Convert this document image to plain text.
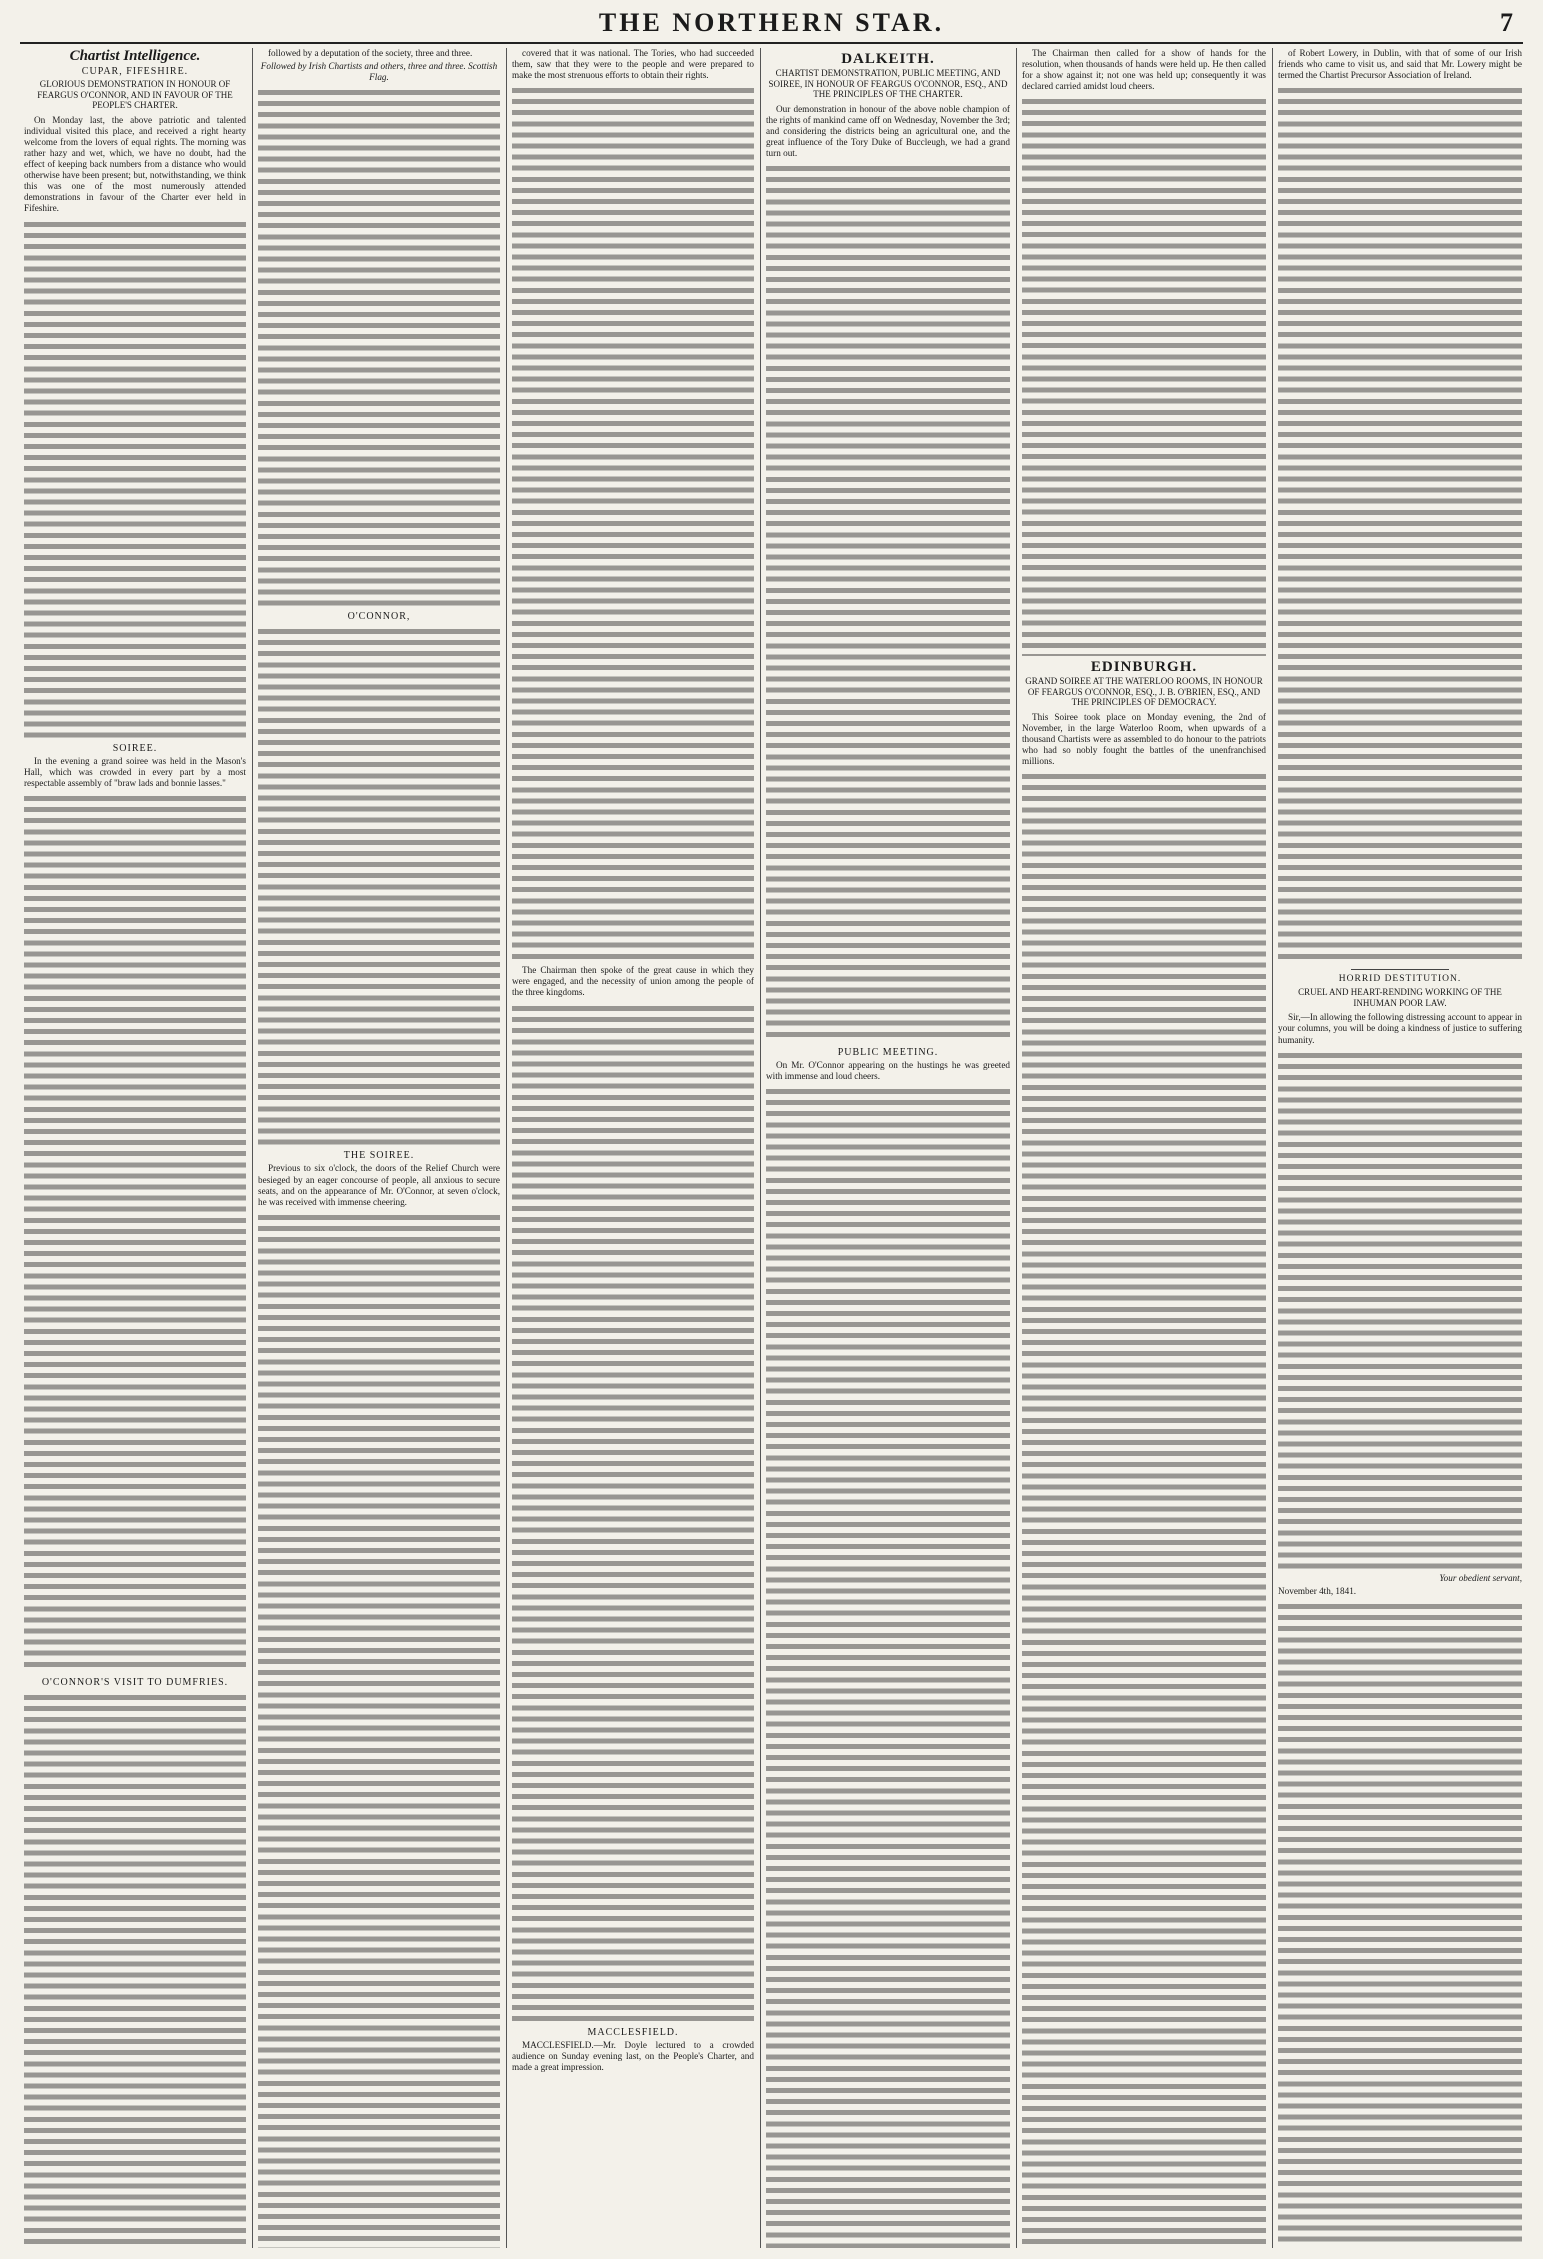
THE NORTHERN STAR.	7
Chartist Intelligence.
CUPAR, FIFESHIRE.
GLORIOUS DEMONSTRATION IN HONOUR OF FEARGUS O'CONNOR, AND IN FAVOUR OF THE PEOPLE'S CHARTER.

On Monday last, the above patriotic and talented individual visited this place, and received a right hearty welcome from the lovers of equal rights. The morning was rather hazy and wet, which, we have no doubt, had the effect of keeping back numbers from a distance who would otherwise have been present; but, notwithstanding, we think this was one of the most numerously attended demonstrations in favour of the Charter ever held in Fifeshire.

SOIREE.

In the evening a grand soiree was held in the Mason's Hall, which was crowded in every part by a most respectable assembly of "braw lads and bonnie lasses."

O'CONNOR'S VISIT TO DUMFRIES.

followed by a deputation of the society, three and three.

Followed by Irish Chartists and others, three and three. Scottish Flag.

O'CONNOR,
THE SOIREE.

Previous to six o'clock, the doors of the Relief Church were besieged by an eager concourse of people, all anxious to secure seats, and on the appearance of Mr. O'Connor, at seven o'clock, he was received with immense cheering.

covered that it was national. The Tories, who had succeeded them, saw that they were to the people and were prepared to make the most strenuous efforts to obtain their rights.

The Chairman then spoke of the great cause in which they were engaged, and the necessity of union among the people of the three kingdoms.

MACCLESFIELD.

MACCLESFIELD.—Mr. Doyle lectured to a crowded audience on Sunday evening last, on the People's Charter, and made a great impression.

DALKEITH.
CHARTIST DEMONSTRATION, PUBLIC MEETING, AND SOIREE, IN HONOUR OF FEARGUS O'CONNOR, ESQ., AND THE PRINCIPLES OF THE CHARTER.

Our demonstration in honour of the above noble champion of the rights of mankind came off on Wednesday, November the 3rd; and considering the districts being an agricultural one, and the great influence of the Tory Duke of Buccleugh, we had a grand turn out.

PUBLIC MEETING.

On Mr. O'Connor appearing on the hustings he was greeted with immense and loud cheers.

The Chairman then called for a show of hands for the resolution, when thousands of hands were held up. He then called for a show against it; not one was held up; consequently it was declared carried amidst loud cheers.

EDINBURGH.
GRAND SOIREE AT THE WATERLOO ROOMS, IN HONOUR OF FEARGUS O'CONNOR, ESQ., J. B. O'BRIEN, ESQ., AND THE PRINCIPLES OF DEMOCRACY.

This Soiree took place on Monday evening, the 2nd of November, in the large Waterloo Room, when upwards of a thousand Chartists were as assembled to do honour to the patriots who had so nobly fought the battles of the unenfranchised millions.

of Robert Lowery, in Dublin, with that of some of our Irish friends who came to visit us, and said that Mr. Lowery might be termed the Chartist Precursor Association of Ireland.

HORRID DESTITUTION.
CRUEL AND HEART-RENDING WORKING OF THE INHUMAN POOR LAW.

Sir,—In allowing the following distressing account to appear in your columns, you will be doing a kindness of justice to suffering humanity.

Your obedient servant,
November 4th, 1841.
